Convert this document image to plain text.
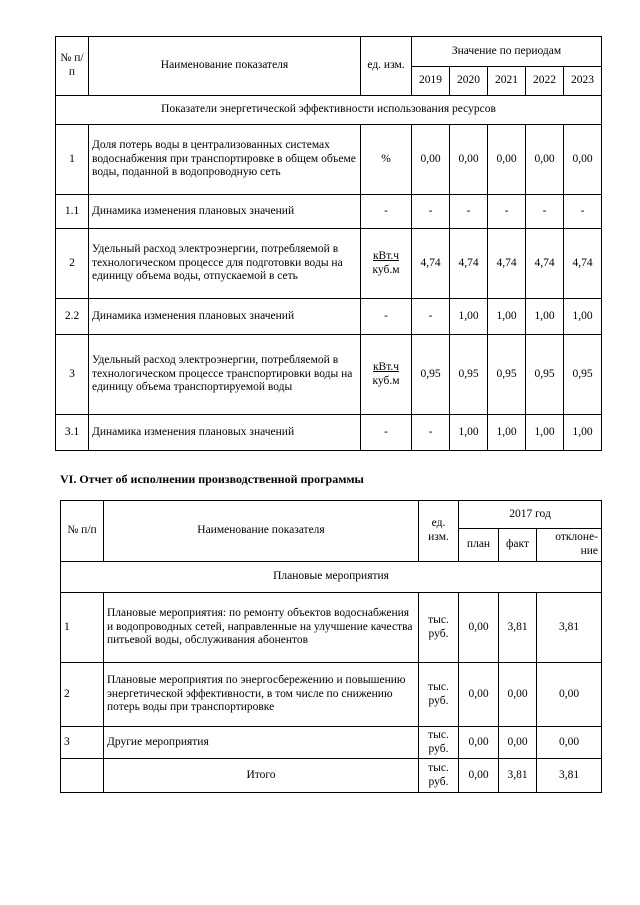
№ п/п	Наименование показателя	ед. изм.	Значение по периодам				
			2019	2020	2021	2022	2023
Показатели энергетической эффективности использования ресурсов							
1	Доля потерь воды в централизованных системах водоснабжения при транспортировке в общем объеме воды, поданной в водопроводную сеть	%	0,00	0,00	0,00	0,00	0,00
1.1	Динамика изменения плановых значений	-	-	-	-	-	-
2	Удельный расход электроэнергии, потребляемой в технологическом процессе для подготовки воды на единицу объема воды, отпускаемой в сеть	$\frac{\text{кВт.ч}}{\text{куб.м}}$	4,74	4,74	4,74	4,74	4,74
2.2	Динамика изменения плановых значений	-	-	1,00	1,00	1,00	1,00
3	Удельный расход электроэнергии, потребляемой в технологическом процессе транспортировки воды на единицу объема транспортируемой воды	$\frac{\text{кВт.ч}}{\text{куб.м}}$	0,95	0,95	0,95	0,95	0,95
3.1	Динамика изменения плановых значений	-	-	1,00	1,00	1,00	1,00
VI. Отчет об исполнении производственной программы
№ п/п	Наименование показателя	ед. изм.	2017 год		
			план	факт	отклоне-ние
Плановые мероприятия					
1	Плановые мероприятия: по ремонту объектов водоснабжения и водопроводных сетей, направленные на улучшение качества питьевой воды, обслуживания абонентов	тыс. руб.	0,00	3,81	3,81
2	Плановые мероприятия по энергосбережению и повышению энергетической эффективности, в том числе по снижению потерь воды при транспортировке	тыс. руб.	0,00	0,00	0,00
3	Другие мероприятия	тыс. руб.	0,00	0,00	0,00
	Итого	тыс. руб.	0,00	3,81	3,81
